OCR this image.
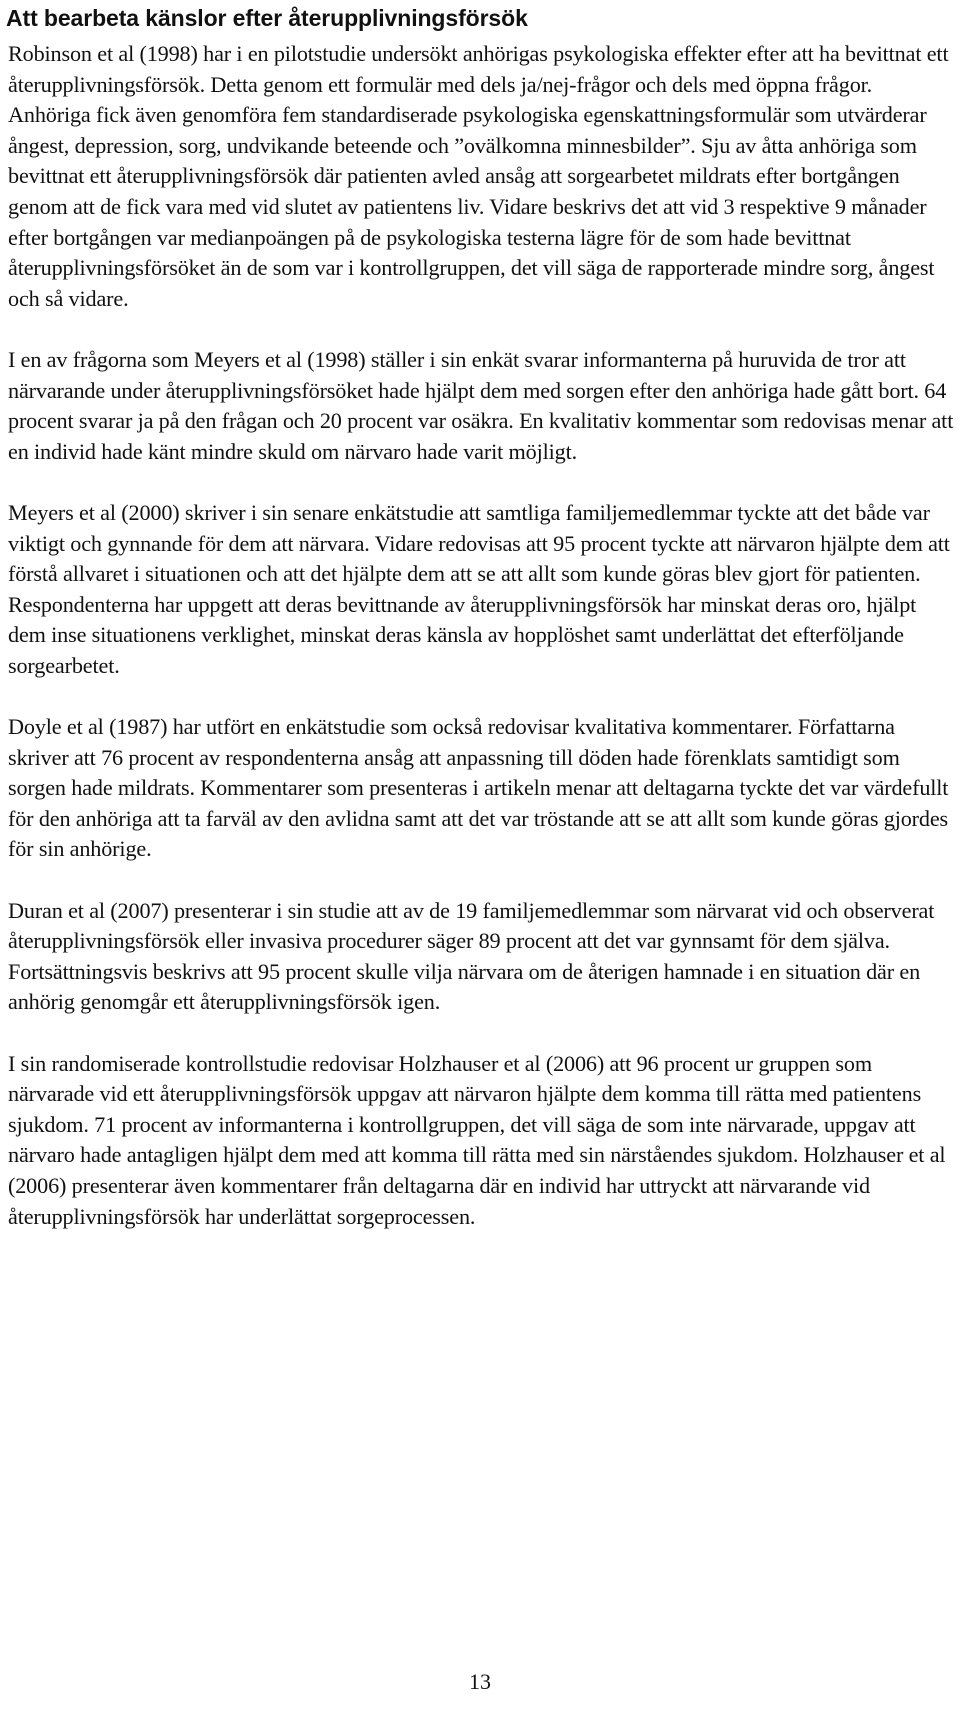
Att bearbeta känslor efter återupplivningsförsök

Robinson et al (1998) har i en pilotstudie undersökt anhörigas psykologiska effekter efter att ha bevittnat ett återupplivningsförsök. Detta genom ett formulär med dels ja/nej-frågor och dels med öppna frågor. Anhöriga fick även genomföra fem standardiserade psykologiska egenskattningsformulär som utvärderar ångest, depression, sorg, undvikande beteende och ”ovälkomna minnesbilder”. Sju av åtta anhöriga som bevittnat ett återupplivningsförsök där patienten avled ansåg att sorgearbetet mildrats efter bortgången genom att de fick vara med vid slutet av patientens liv. Vidare beskrivs det att vid 3 respektive 9 månader efter bortgången var medianpoängen på de psykologiska testerna lägre för de som hade bevittnat återupplivningsförsöket än de som var i kontrollgruppen, det vill säga de rapporterade mindre sorg, ångest och så vidare.

I en av frågorna som Meyers et al (1998) ställer i sin enkät svarar informanterna på huruvida de tror att närvarande under återupplivningsförsöket hade hjälpt dem med sorgen efter den anhöriga hade gått bort. 64 procent svarar ja på den frågan och 20 procent var osäkra. En kvalitativ kommentar som redovisas menar att en individ hade känt mindre skuld om närvaro hade varit möjligt.

Meyers et al (2000) skriver i sin senare enkätstudie att samtliga familjemedlemmar tyckte att det både var viktigt och gynnande för dem att närvara. Vidare redovisas att 95 procent tyckte att närvaron hjälpte dem att förstå allvaret i situationen och att det hjälpte dem att se att allt som kunde göras blev gjort för patienten. Respondenterna har uppgett att deras bevittnande av återupplivningsförsök har minskat deras oro, hjälpt dem inse situationens verklighet, minskat deras känsla av hopplöshet samt underlättat det efterföljande sorgearbetet.

Doyle et al (1987) har utfört en enkätstudie som också redovisar kvalitativa kommentarer. Författarna skriver att 76 procent av respondenterna ansåg att anpassning till döden hade förenklats samtidigt som sorgen hade mildrats. Kommentarer som presenteras i artikeln menar att deltagarna tyckte det var värdefullt för den anhöriga att ta farväl av den avlidna samt att det var tröstande att se att allt som kunde göras gjordes för sin anhörige.

Duran et al (2007) presenterar i sin studie att av de 19 familjemedlemmar som närvarat vid och observerat återupplivningsförsök eller invasiva procedurer säger 89 procent att det var gynnsamt för dem själva. Fortsättningsvis beskrivs att 95 procent skulle vilja närvara om de återigen hamnade i en situation där en anhörig genomgår ett återupplivningsförsök igen.

I sin randomiserade kontrollstudie redovisar Holzhauser et al (2006) att 96 procent ur gruppen som närvarade vid ett återupplivningsförsök uppgav att närvaron hjälpte dem komma till rätta med patientens sjukdom. 71 procent av informanterna i kontrollgruppen, det vill säga de som inte närvarade, uppgav att närvaro hade antagligen hjälpt dem med att komma till rätta med sin närståendes sjukdom. Holzhauser et al (2006) presenterar även kommentarer från deltagarna där en individ har uttryckt att närvarande vid återupplivningsförsök har underlättat sorgeprocessen.

13
